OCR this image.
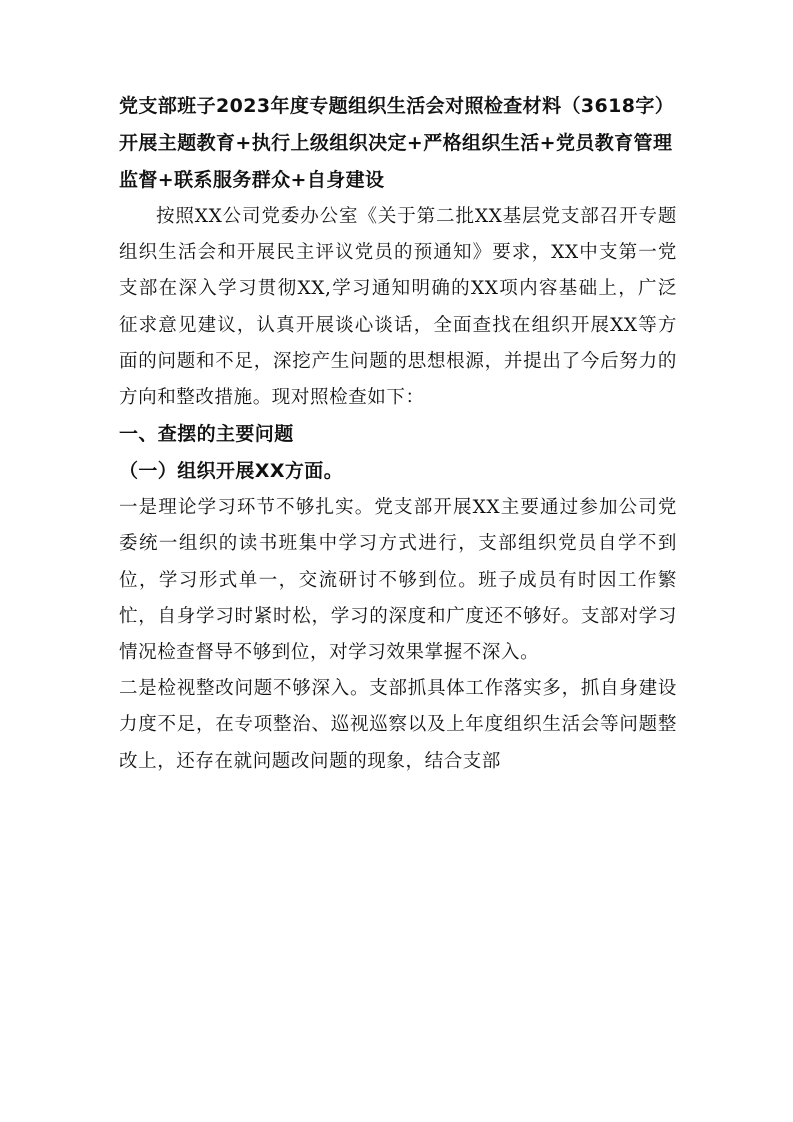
党支部班子2023年度专题组织生活会对照检查材料（3618字）开展主题教育+执行上级组织决定+严格组织生活+党员教育管理监督+联系服务群众+自身建设

按照XX公司党委办公室《关于第二批XX基层党支部召开专题组织生活会和开展民主评议党员的预通知》要求，XX中支第一党支部在深入学习贯彻XX,学习通知明确的XX项内容基础上，广泛征求意见建议，认真开展谈心谈话，全面查找在组织开展XX等方面的问题和不足，深挖产生问题的思想根源，并提出了今后努力的方向和整改措施。现对照检查如下：

一、查摆的主要问题

（一）组织开展XX方面。

一是理论学习环节不够扎实。党支部开展XX主要通过参加公司党委统一组织的读书班集中学习方式进行，支部组织党员自学不到位，学习形式单一，交流研讨不够到位。班子成员有时因工作繁忙，自身学习时紧时松，学习的深度和广度还不够好。支部对学习情况检查督导不够到位，对学习效果掌握不深入。

二是检视整改问题不够深入。支部抓具体工作落实多，抓自身建设力度不足，在专项整治、巡视巡察以及上年度组织生活会等问题整改上，还存在就问题改问题的现象，结合支部
